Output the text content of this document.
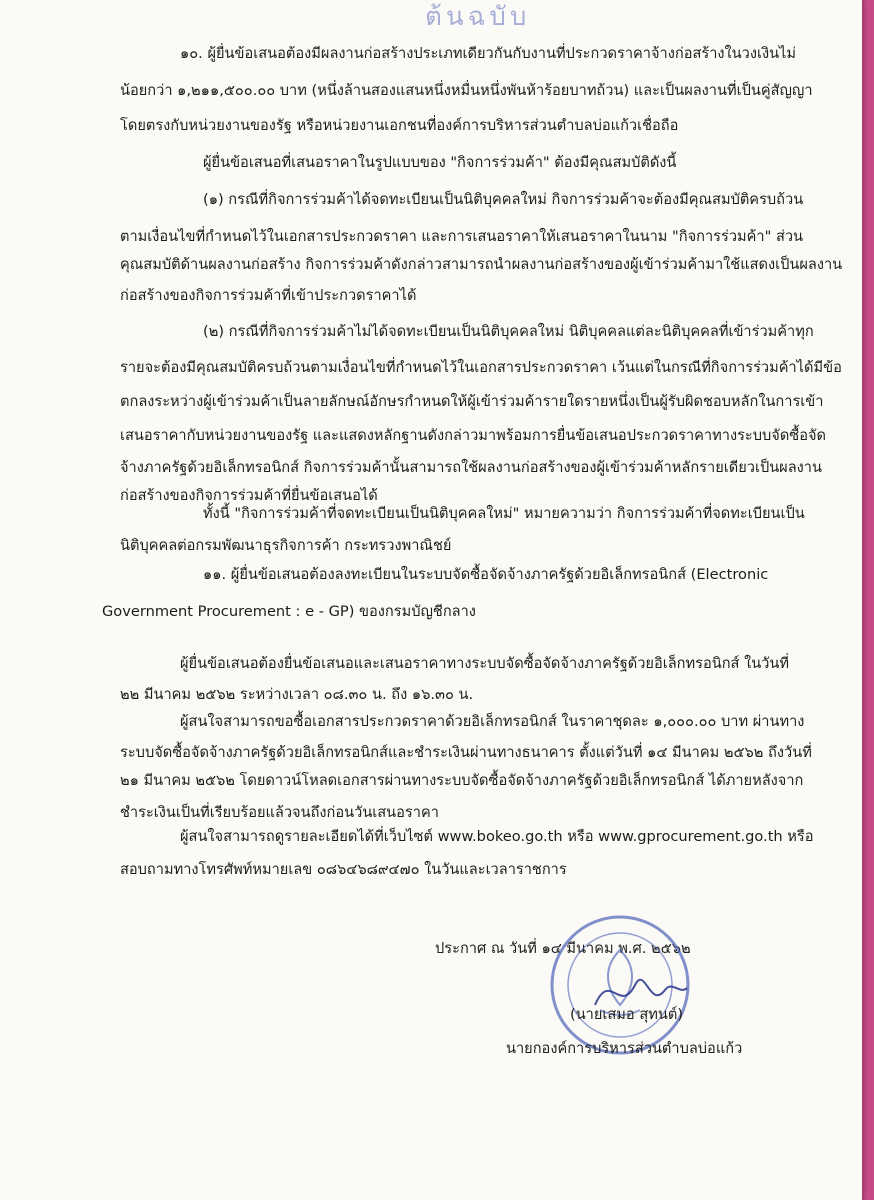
ต้นฉบับ

๑๐. ผู้ยื่นข้อเสนอต้องมีผลงานก่อสร้างประเภทเดียวกันกับงานที่ประกวดราคาจ้างก่อสร้างในวงเงินไม่

น้อยกว่า ๑,๒๑๑,๕๐๐.๐๐ บาท (หนึ่งล้านสองแสนหนึ่งหมื่นหนึ่งพันห้าร้อยบาทถ้วน) และเป็นผลงานที่เป็นคู่สัญญา

โดยตรงกับหน่วยงานของรัฐ หรือหน่วยงานเอกชนที่องค์การบริหารส่วนตำบลบ่อแก้วเชื่อถือ

ผู้ยื่นข้อเสนอที่เสนอราคาในรูปแบบของ "กิจการร่วมค้า" ต้องมีคุณสมบัติดังนี้

(๑) กรณีที่กิจการร่วมค้าได้จดทะเบียนเป็นนิติบุคคลใหม่ กิจการร่วมค้าจะต้องมีคุณสมบัติครบถ้วน

ตามเงื่อนไขที่กำหนดไว้ในเอกสารประกวดราคา และการเสนอราคาให้เสนอราคาในนาม "กิจการร่วมค้า" ส่วน

คุณสมบัติด้านผลงานก่อสร้าง กิจการร่วมค้าดังกล่าวสามารถนำผลงานก่อสร้างของผู้เข้าร่วมค้ามาใช้แสดงเป็นผลงาน

ก่อสร้างของกิจการร่วมค้าที่เข้าประกวดราคาได้

(๒) กรณีที่กิจการร่วมค้าไม่ได้จดทะเบียนเป็นนิติบุคคลใหม่ นิติบุคคลแต่ละนิติบุคคลที่เข้าร่วมค้าทุก

รายจะต้องมีคุณสมบัติครบถ้วนตามเงื่อนไขที่กำหนดไว้ในเอกสารประกวดราคา เว้นแต่ในกรณีที่กิจการร่วมค้าได้มีข้อ

ตกลงระหว่างผู้เข้าร่วมค้าเป็นลายลักษณ์อักษรกำหนดให้ผู้เข้าร่วมค้ารายใดรายหนึ่งเป็นผู้รับผิดชอบหลักในการเข้า

เสนอราคากับหน่วยงานของรัฐ และแสดงหลักฐานดังกล่าวมาพร้อมการยื่นข้อเสนอประกวดราคาทางระบบจัดซื้อจัด

จ้างภาครัฐด้วยอิเล็กทรอนิกส์ กิจการร่วมค้านั้นสามารถใช้ผลงานก่อสร้างของผู้เข้าร่วมค้าหลักรายเดียวเป็นผลงาน

ก่อสร้างของกิจการร่วมค้าที่ยื่นข้อเสนอได้

ทั้งนี้ "กิจการร่วมค้าที่จดทะเบียนเป็นนิติบุคคลใหม่" หมายความว่า กิจการร่วมค้าที่จดทะเบียนเป็น

นิติบุคคลต่อกรมพัฒนาธุรกิจการค้า กระทรวงพาณิชย์

๑๑. ผู้ยื่นข้อเสนอต้องลงทะเบียนในระบบจัดซื้อจัดจ้างภาครัฐด้วยอิเล็กทรอนิกส์ (Electronic

Government Procurement : e - GP) ของกรมบัญชีกลาง

ผู้ยื่นข้อเสนอต้องยื่นข้อเสนอและเสนอราคาทางระบบจัดซื้อจัดจ้างภาครัฐด้วยอิเล็กทรอนิกส์ ในวันที่

๒๒ มีนาคม ๒๕๖๒ ระหว่างเวลา ๐๘.๓๐ น. ถึง ๑๖.๓๐ น.

ผู้สนใจสามารถขอซื้อเอกสารประกวดราคาด้วยอิเล็กทรอนิกส์ ในราคาชุดละ ๑,๐๐๐.๐๐ บาท ผ่านทาง

ระบบจัดซื้อจัดจ้างภาครัฐด้วยอิเล็กทรอนิกส์และชำระเงินผ่านทางธนาคาร ตั้งแต่วันที่ ๑๔ มีนาคม ๒๕๖๒ ถึงวันที่

๒๑ มีนาคม ๒๕๖๒ โดยดาวน์โหลดเอกสารผ่านทางระบบจัดซื้อจัดจ้างภาครัฐด้วยอิเล็กทรอนิกส์ ได้ภายหลังจาก

ชำระเงินเป็นที่เรียบร้อยแล้วจนถึงก่อนวันเสนอราคา

ผู้สนใจสามารถดูรายละเอียดได้ที่เว็บไซต์ www.bokeo.go.th หรือ www.gprocurement.go.th หรือ

สอบถามทางโทรศัพท์หมายเลข ๐๘๖๔๖๘๙๔๗๐ ในวันและเวลาราชการ

ประกาศ ณ วันที่ ๑๔ มีนาคม พ.ศ. ๒๕๖๒

(นายเสมอ สุทนต์)

นายกองค์การบริหารส่วนตำบลบ่อแก้ว
